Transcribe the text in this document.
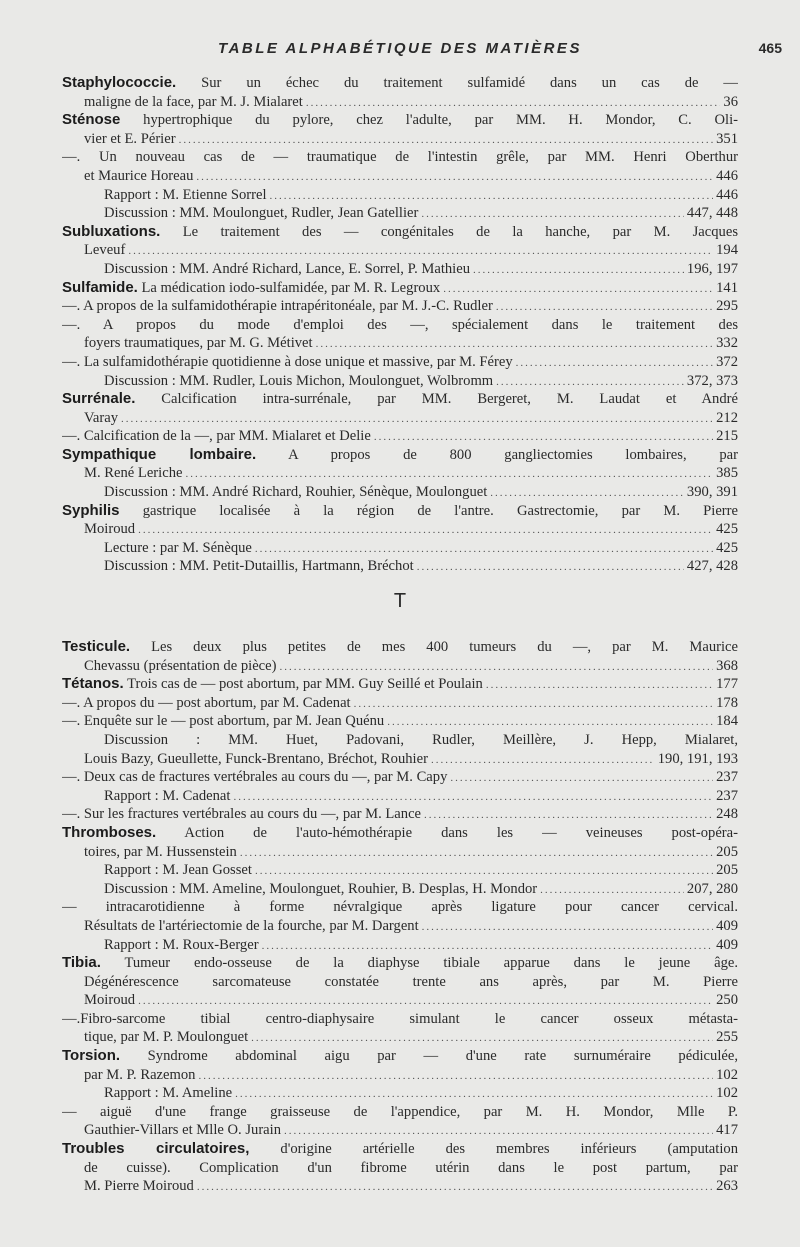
TABLE ALPHABÉTIQUE DES MATIÈRES	465
Staphylococcie. Sur un échec du traitement sulfamidé dans un cas de —
maligne de la face, par M. J. Mialaret .....	36
Sténose hypertrophique du pylore, chez l'adulte, par MM. H. Mondor, C. Oli-
vier et E. Périer .....	351
—. Un nouveau cas de — traumatique de l'intestin grêle, par MM. Henri Oberthur
et Maurice Horeau .....	446
Rapport : M. Etienne Sorrel .....	446
Discussion : MM. Moulonguet, Rudler, Jean Gatellier .....	447, 448
Subluxations. Le traitement des — congénitales de la hanche, par M. Jacques
Leveuf .....	194
Discussion : MM. André Richard, Lance, E. Sorrel, P. Mathieu .....	196, 197
Sulfamide. La médication iodo-sulfamidée, par M. R. Legroux .....	141
—. A propos de la sulfamidothérapie intrapéritonéale, par M. J.-C. Rudler .....	295
—. A propos du mode d'emploi des —, spécialement dans le traitement des
foyers traumatiques, par M. G. Métivet .....	332
—. La sulfamidothérapie quotidienne à dose unique et massive, par M. Férey .....	372
Discussion : MM. Rudler, Louis Michon, Moulonguet, Wolbromm .....	372, 373
Surrénale. Calcification intra-surrénale, par MM. Bergeret, M. Laudat et André
Varay .....	212
—. Calcification de la —, par MM. Mialaret et Delie .....	215
Sympathique lombaire. A propos de 800 gangliectomies lombaires, par
M. René Leriche .....	385
Discussion : MM. André Richard, Rouhier, Sénèque, Moulonguet .....	390, 391
Syphilis gastrique localisée à la région de l'antre. Gastrectomie, par M. Pierre
Moiroud .....	425
Lecture : par M. Sénèque .....	425
Discussion : MM. Petit-Dutaillis, Hartmann, Bréchot .....	427, 428
T
Testicule. Les deux plus petites de mes 400 tumeurs du —, par M. Maurice
Chevassu (présentation de pièce) .....	368
Tétanos. Trois cas de — post abortum, par MM. Guy Seillé et Poulain .....	177
—. A propos du — post abortum, par M. Cadenat .....	178
—. Enquête sur le — post abortum, par M. Jean Quénu .....	184
Discussion : MM. Huet, Padovani, Rudler, Meillère, J. Hepp, Mialaret,
Louis Bazy, Gueullette, Funck-Brentano, Bréchot, Rouhier .....	190, 191, 193
—. Deux cas de fractures vertébrales au cours du —, par M. Capy .....	237
Rapport : M. Cadenat .....	237
—. Sur les fractures vertébrales au cours du —, par M. Lance .....	248
Thromboses. Action de l'auto-hémothérapie dans les — veineuses post-opéra-
toires, par M. Hussenstein .....	205
Rapport : M. Jean Gosset .....	205
Discussion : MM. Ameline, Moulonguet, Rouhier, B. Desplas, H. Mondor .....	207, 280
— intracarotidienne à forme névralgique après ligature pour cancer cervical.
Résultats de l'artériectomie de la fourche, par M. Dargent .....	409
Rapport : M. Roux-Berger .....	409
Tibia. Tumeur endo-osseuse de la diaphyse tibiale apparue dans le jeune âge.
Dégénérescence sarcomateuse constatée trente ans après, par M. Pierre
Moiroud .....	250
—.Fibro-sarcome tibial centro-diaphysaire simulant le cancer osseux métasta-
tique, par M. P. Moulonguet .....	255
Torsion. Syndrome abdominal aigu par — d'une rate surnuméraire pédiculée,
par M. P. Razemon .....	102
Rapport : M. Ameline .....	102
— aiguë d'une frange graisseuse de l'appendice, par M. H. Mondor, Mlle P.
Gauthier-Villars et Mlle O. Jurain .....	417
Troubles circulatoires, d'origine artérielle des membres inférieurs (amputation
de cuisse). Complication d'un fibrome utérin dans le post partum, par
M. Pierre Moiroud .....	263
